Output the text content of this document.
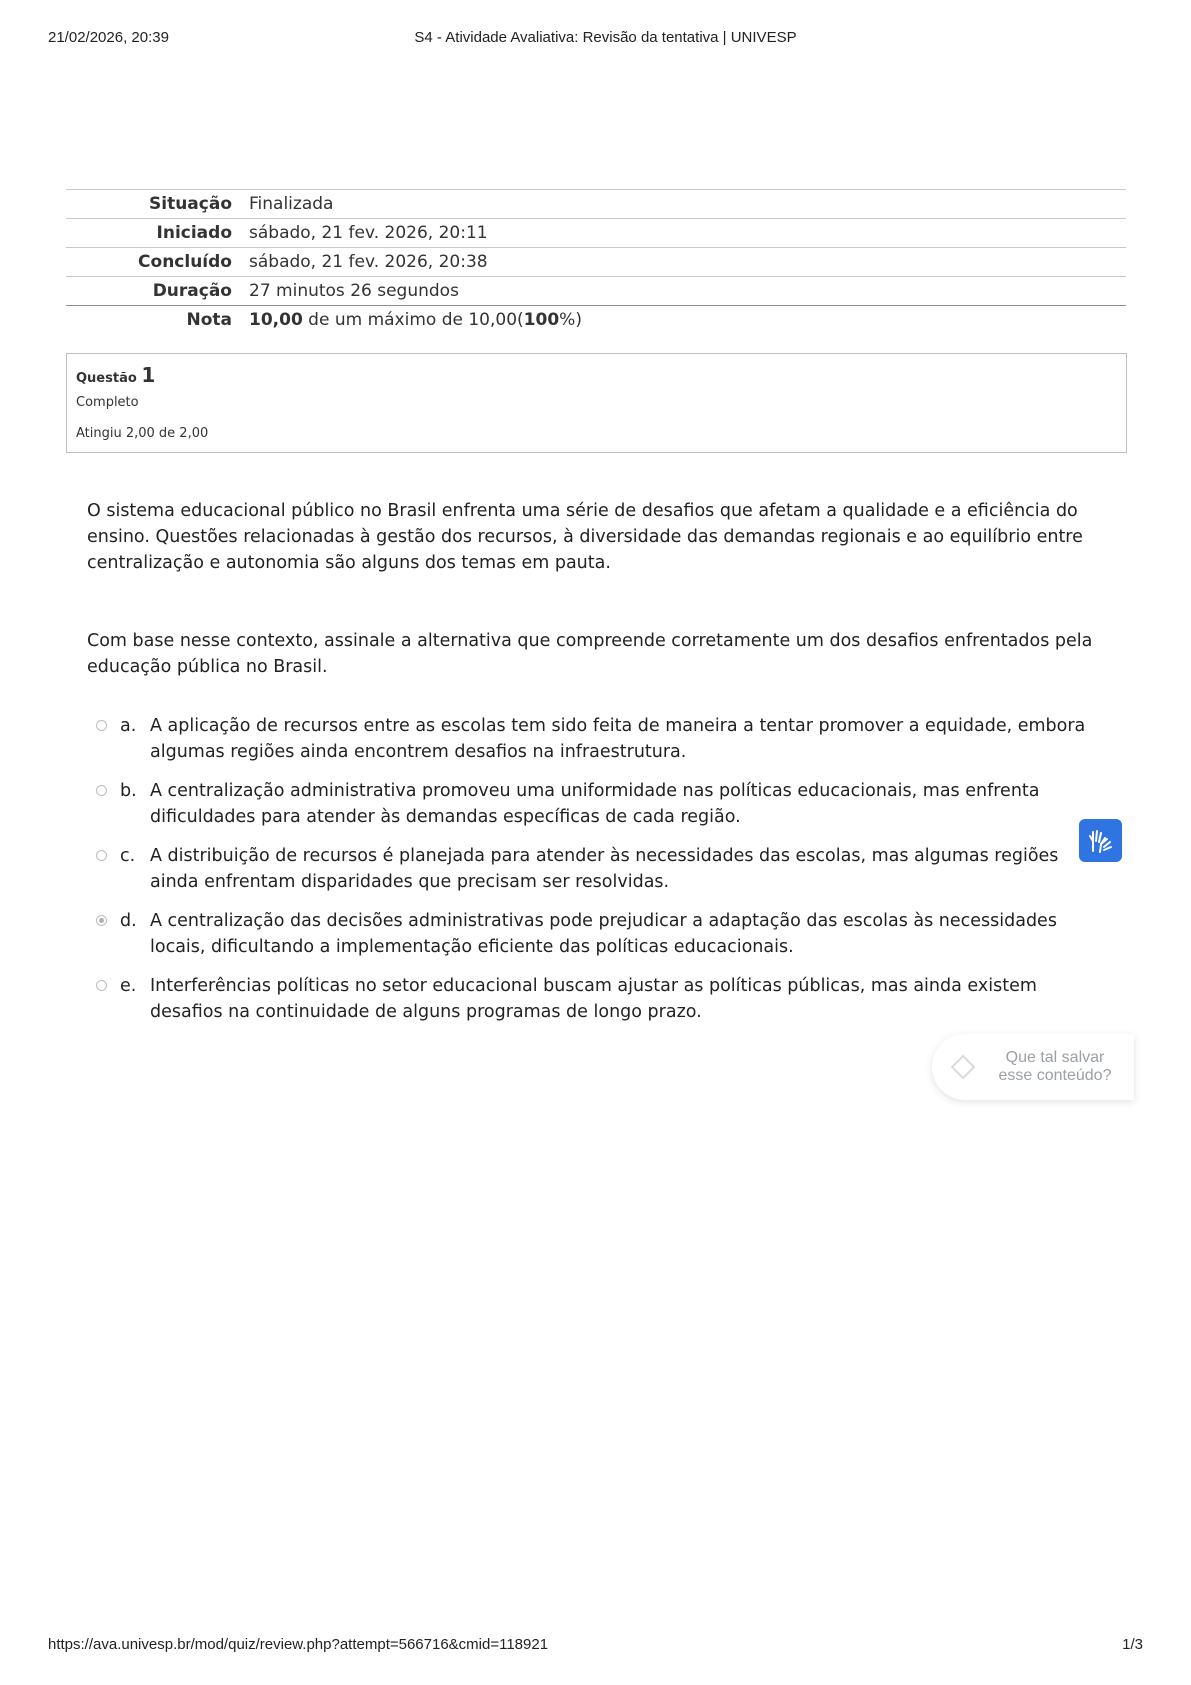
21/02/2026, 20:39	S4 - Atividade Avaliativa: Revisão da tentativa | UNIVESP
Situação	Finalizada
Iniciado	sábado, 21 fev. 2026, 20:11
Concluído	sábado, 21 fev. 2026, 20:38
Duração	27 minutos 26 segundos
Nota	10,00 de um máximo de 10,00(100%)
Questão 1
Completo
Atingiu 2,00 de 2,00

O sistema educacional público no Brasil enfrenta uma série de desafios que afetam a qualidade e a eficiência do ensino. Questões relacionadas à gestão dos recursos, à diversidade das demandas regionais e ao equilíbrio entre centralização e autonomia são alguns dos temas em pauta.

Com base nesse contexto, assinale a alternativa que compreende corretamente um dos desafios enfrentados pela educação pública no Brasil.

a. A aplicação de recursos entre as escolas tem sido feita de maneira a tentar promover a equidade, embora algumas regiões ainda encontrem desafios na infraestrutura.
b. A centralização administrativa promoveu uma uniformidade nas políticas educacionais, mas enfrenta dificuldades para atender às demandas específicas de cada região.
c. A distribuição de recursos é planejada para atender às necessidades das escolas, mas algumas regiões ainda enfrentam disparidades que precisam ser resolvidas.
d. A centralização das decisões administrativas pode prejudicar a adaptação das escolas às necessidades locais, dificultando a implementação eficiente das políticas educacionais.
e. Interferências políticas no setor educacional buscam ajustar as políticas públicas, mas ainda existem desafios na continuidade de alguns programas de longo prazo.
Que tal salvar
esse conteúdo?
https://ava.univesp.br/mod/quiz/review.php?attempt=566716&cmid=118921	1/3
